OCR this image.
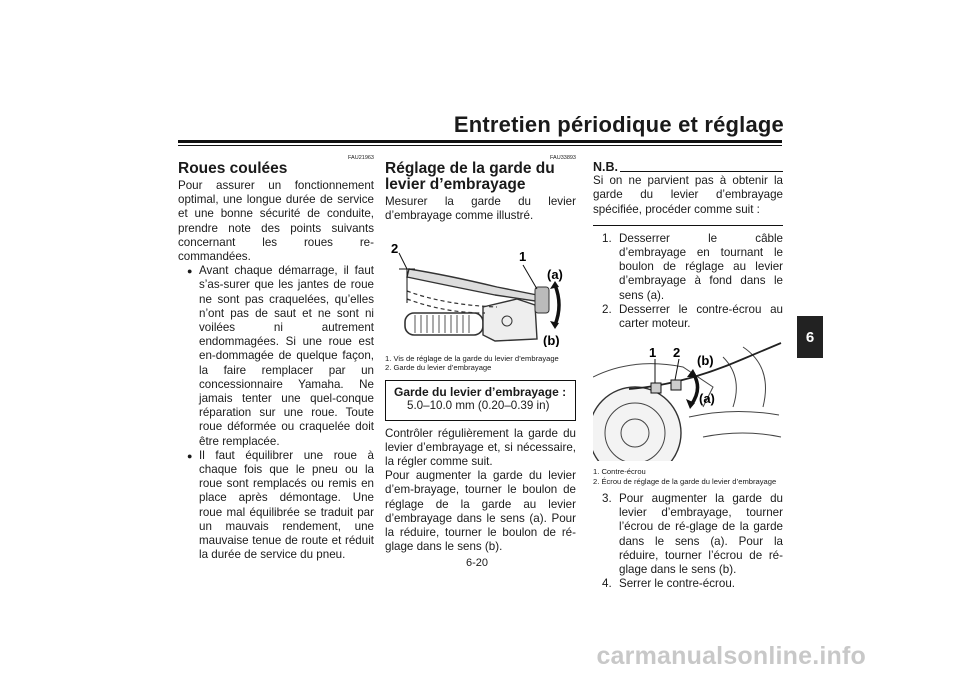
Entretien périodique et réglage
6
FAU21963
Roues coulées

Pour assurer un fonctionnement optimal, une longue durée de service et une bonne sécurité de conduite, prendre note des points suivants concernant les roues re-commandées.

● Avant chaque démarrage, il faut s’as-surer que les jantes de roue ne sont pas craquelées, qu’elles n’ont pas de saut et ne sont ni voilées ni autrement endommagées. Si une roue est en-dommagée de quelque façon, la faire remplacer par un concessionnaire Yamaha. Ne jamais tenter une quel-conque réparation sur une roue. Toute roue déformée ou craquelée doit être remplacée.
● Il faut équilibrer une roue à chaque fois que le pneu ou la roue sont remplacés ou remis en place après démontage. Une roue mal équilibrée se traduit par un mauvais rendement, une mauvaise tenue de route et réduit la durée de service du pneu.
FAU33893
Réglage de la garde du levier d’embrayage

Mesurer la garde du levier d’embrayage comme illustré.

2
1
(a)
(b)
1. Vis de réglage de la garde du levier d’embrayage
2. Garde du levier d’embrayage
Garde du levier d’embrayage :
5.0–10.0 mm (0.20–0.39 in)

Contrôler régulièrement la garde du levier d’embrayage et, si nécessaire, la régler comme suit.

Pour augmenter la garde du levier d’em-brayage, tourner le boulon de réglage de la garde au levier d’embrayage dans le sens (a). Pour la réduire, tourner le boulon de ré-glage dans le sens (b).

N.B.

Si on ne parvient pas à obtenir la garde du levier d’embrayage spécifiée, procéder comme suit :

1. Desserrer le câble d’embrayage en tournant le boulon de réglage au levier d’embrayage à fond dans le sens (a).
2. Desserrer le contre-écrou au carter moteur.
1 2
(b)
(a)
1. Contre-écrou
2. Écrou de réglage de la garde du levier d’embrayage
3. Pour augmenter la garde du levier d’embrayage, tourner l’écrou de ré-glage de la garde dans le sens (a). Pour la réduire, tourner l’écrou de ré-glage dans le sens (b).
4. Serrer le contre-écrou.
6-20
carmanualsonline.info
